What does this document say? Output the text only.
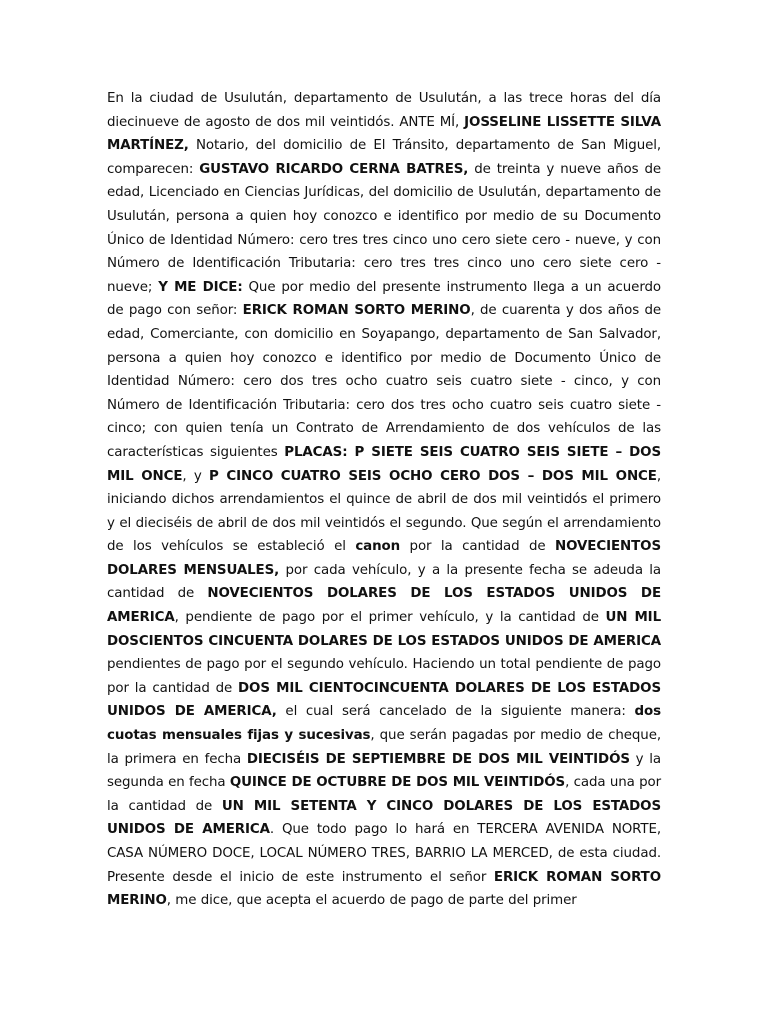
En la ciudad de Usulután, departamento de Usulután, a las trece horas del día diecinueve de agosto de dos mil veintidós. ANTE MÍ, JOSSELINE LISSETTE SILVA MARTÍNEZ, Notario, del domicilio de El Tránsito, departamento de San Miguel, comparecen: GUSTAVO RICARDO CERNA BATRES, de treinta y nueve años de edad, Licenciado en Ciencias Jurídicas, del domicilio de Usulután, departamento de Usulután, persona a quien hoy conozco e identifico por medio de su Documento Único de Identidad Número: cero tres tres cinco uno cero siete cero - nueve, y con Número de Identificación Tributaria: cero tres tres cinco uno cero siete cero - nueve; Y ME DICE: Que por medio del presente instrumento llega a un acuerdo de pago con señor: ERICK ROMAN SORTO MERINO, de cuarenta y dos años de edad, Comerciante, con domicilio en Soyapango, departamento de San Salvador, persona a quien hoy conozco e identifico por medio de Documento Único de Identidad Número: cero dos tres ocho cuatro seis cuatro siete - cinco, y con Número de Identificación Tributaria: cero dos tres ocho cuatro seis cuatro siete - cinco; con quien tenía un Contrato de Arrendamiento de dos vehículos de las características siguientes PLACAS: P SIETE SEIS CUATRO SEIS SIETE – DOS MIL ONCE, y P CINCO CUATRO SEIS OCHO CERO DOS – DOS MIL ONCE, iniciando dichos arrendamientos el quince de abril de dos mil veintidós el primero y el dieciséis de abril de dos mil veintidós el segundo. Que según el arrendamiento de los vehículos se estableció el canon por la cantidad de NOVECIENTOS DOLARES MENSUALES, por cada vehículo, y a la presente fecha se adeuda la cantidad de NOVECIENTOS DOLARES DE LOS ESTADOS UNIDOS DE AMERICA, pendiente de pago por el primer vehículo, y la cantidad de UN MIL DOSCIENTOS CINCUENTA DOLARES DE LOS ESTADOS UNIDOS DE AMERICA pendientes de pago por el segundo vehículo. Haciendo un total pendiente de pago por la cantidad de DOS MIL CIENTOCINCUENTA DOLARES DE LOS ESTADOS UNIDOS DE AMERICA, el cual será cancelado de la siguiente manera: dos cuotas mensuales fijas y sucesivas, que serán pagadas por medio de cheque, la primera en fecha DIECISÉIS DE SEPTIEMBRE DE DOS MIL VEINTIDÓS y la segunda en fecha QUINCE DE OCTUBRE DE DOS MIL VEINTIDÓS, cada una por la cantidad de UN MIL SETENTA Y CINCO DOLARES DE LOS ESTADOS UNIDOS DE AMERICA. Que todo pago lo hará en TERCERA AVENIDA NORTE, CASA NÚMERO DOCE, LOCAL NÚMERO TRES, BARRIO LA MERCED, de esta ciudad. Presente desde el inicio de este instrumento el señor ERICK ROMAN SORTO MERINO, me dice, que acepta el acuerdo de pago de parte del primer
